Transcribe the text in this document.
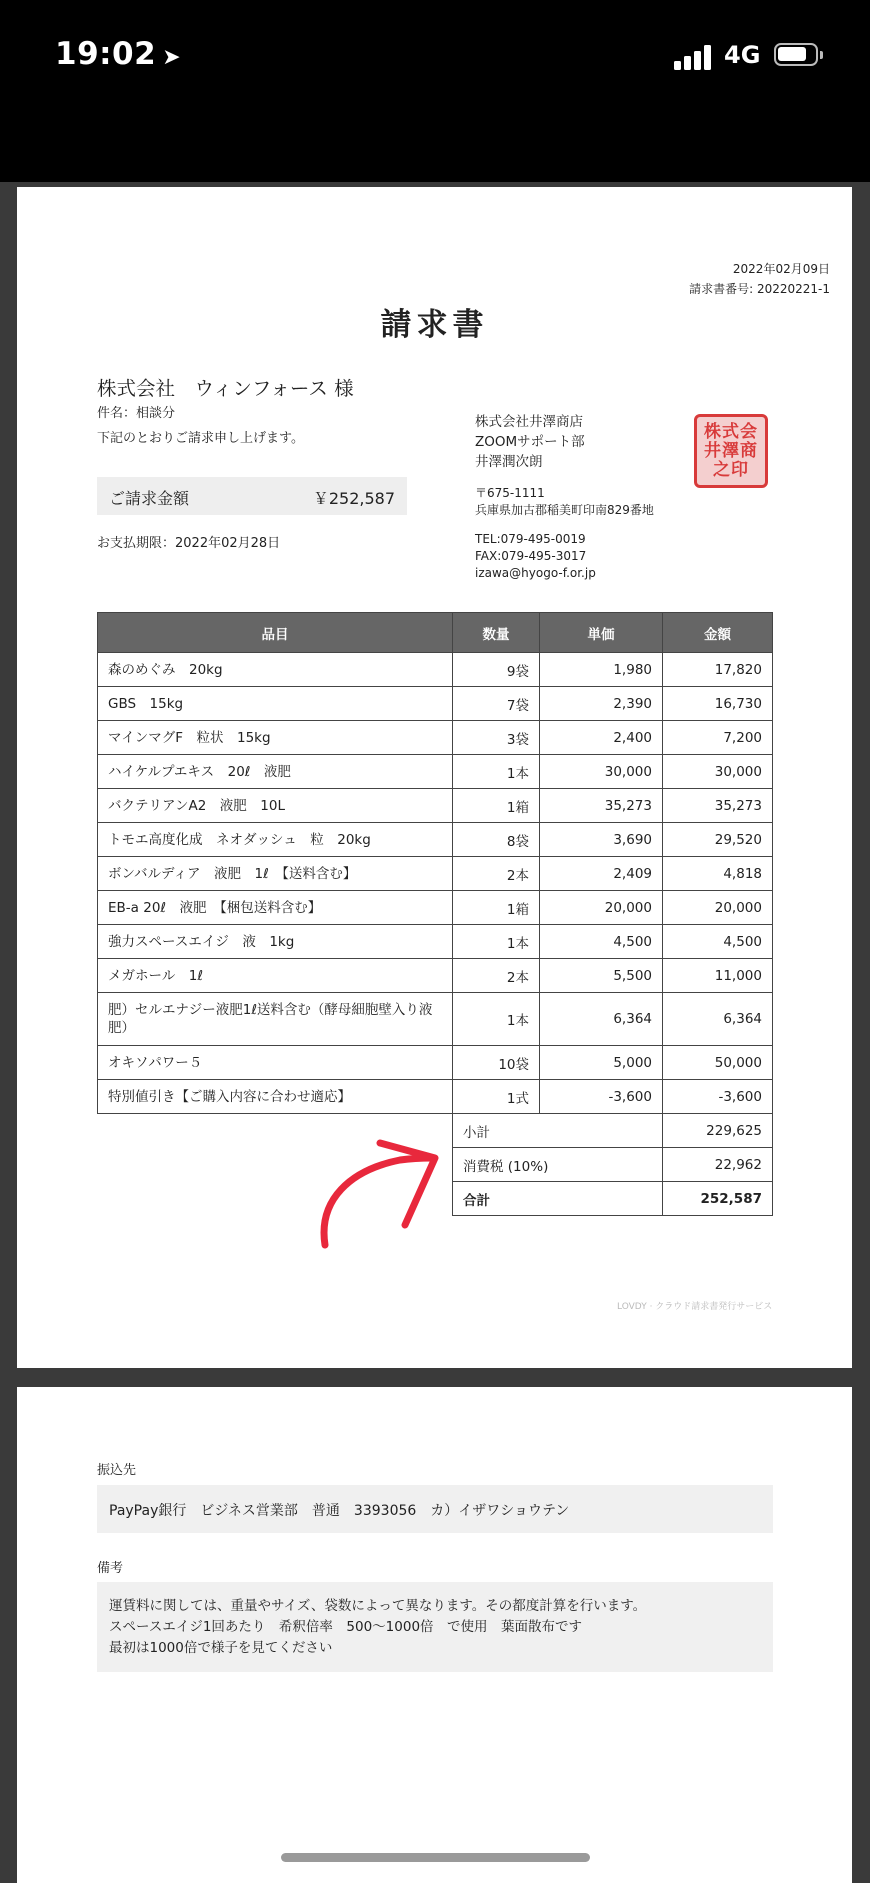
19:02 ➤	4G
2022年02月09日
請求書番号: 20220221-1
請求書
株式会社　ウィンフォース 様
件名：相談分
下記のとおりご請求申し上げます。
ご請求金額	￥252,587
お支払期限：2022年02月28日
株式会社井澤商店
ZOOMサポート部
井澤潤次朗
〒675-1111
兵庫県加古郡稲美町印南829番地
TEL:079-495-0019
FAX:079-495-3017
izawa@hyogo-f.or.jp
株式会
井澤商
之印
品目	数量	単価	金額
森のめぐみ　20kg	9袋	1,980	17,820
GBS　15kg	7袋	2,390	16,730
マインマグF　粒状　15kg	3袋	2,400	7,200
ハイケルプエキス　20ℓ　液肥	1本	30,000	30,000
バクテリアンA2　液肥　10L	1箱	35,273	35,273
トモエ高度化成　ネオダッシュ　粒　20kg	8袋	3,690	29,520
ボンバルディア　液肥　1ℓ　【送料含む】	2本	2,409	4,818
EB-a 20ℓ　液肥　【梱包送料含む】	1箱	20,000	20,000
強力スペースエイジ　液　1kg	1本	4,500	4,500
メガホール　1ℓ	2本	5,500	11,000
肥）セルエナジー液肥1ℓ送料含む（酵母細胞壁入り液肥）	1本	6,364	6,364
オキソパワー５	10袋	5,000	50,000
特別値引き【ご購入内容に合わせ適応】	1式	-3,600	-3,600
	小計		229,625
	消費税 (10%)		22,962
	合計		252,587
LOVDY · クラウド請求書発行サービス
振込先
PayPay銀行　ビジネス営業部　普通　3393056　カ）イザワショウテン
備考
運賃料に関しては、重量やサイズ、袋数によって異なります。その都度計算を行います。
スペースエイジ1回あたり　希釈倍率　500〜1000倍　で使用　葉面散布です
最初は1000倍で様子を見てください
